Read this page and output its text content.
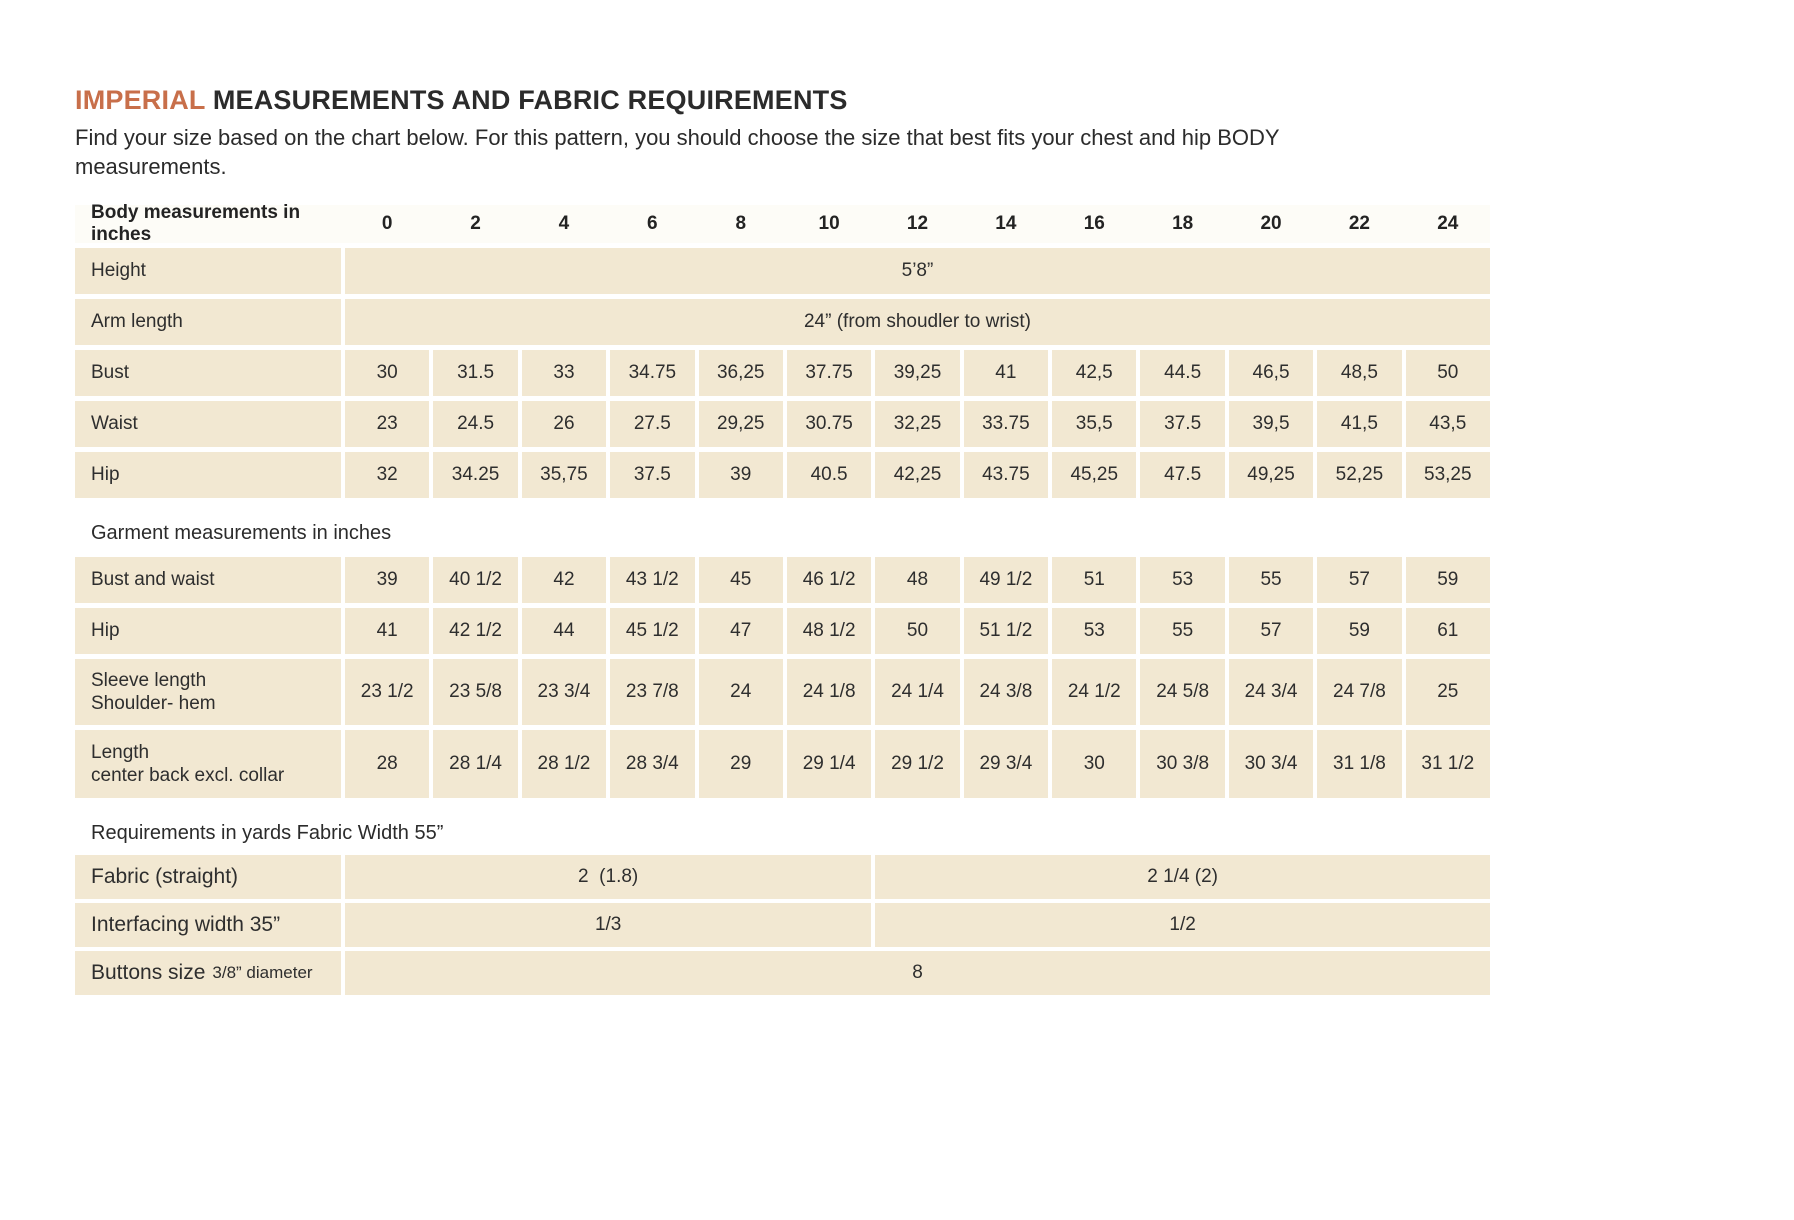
IMPERIAL MEASUREMENTS AND FABRIC REQUIREMENTS

Find your size based on the chart below. For this pattern, you should choose the size that best fits your chest and hip BODY measurements.

Body measurements in inches
0	2	4	6	8	10	12	14	16	18	20	22	24
Height	5’8”
Arm length	24” (from shoudler to wrist)
Bust	30	31.5	33	34.75	36,25	37.75	39,25	41	42,5	44.5	46,5	48,5	50
Waist	23	24.5	26	27.5	29,25	30.75	32,25	33.75	35,5	37.5	39,5	41,5	43,5
Hip	32	34.25	35,75	37.5	39	40.5	42,25	43.75	45,25	47.5	49,25	52,25	53,25
Garment measurements in inches
Bust and waist	39	40 1/2	42	43 1/2	45	46 1/2	48	49 1/2	51	53	55	57	59
Hip	41	42 1/2	44	45 1/2	47	48 1/2	50	51 1/2	53	55	57	59	61
Sleeve length
Shoulder- hem
23 1/2	23 5/8	23 3/4	23 7/8	24	24 1/8	24 1/4	24 3/8	24 1/2	24 5/8	24 3/4	24 7/8	25
Length
center back excl. collar
28	28 1/4	28 1/2	28 3/4	29	29 1/4	29 1/2	29 3/4	30	30 3/8	30 3/4	31 1/8	31 1/2
Requirements in yards Fabric Width 55”
Fabric (straight)	2  (1.8)	2 1/4 (2)
Interfacing width 35”	1/3	1/2
Buttons size 3/8” diameter	8
